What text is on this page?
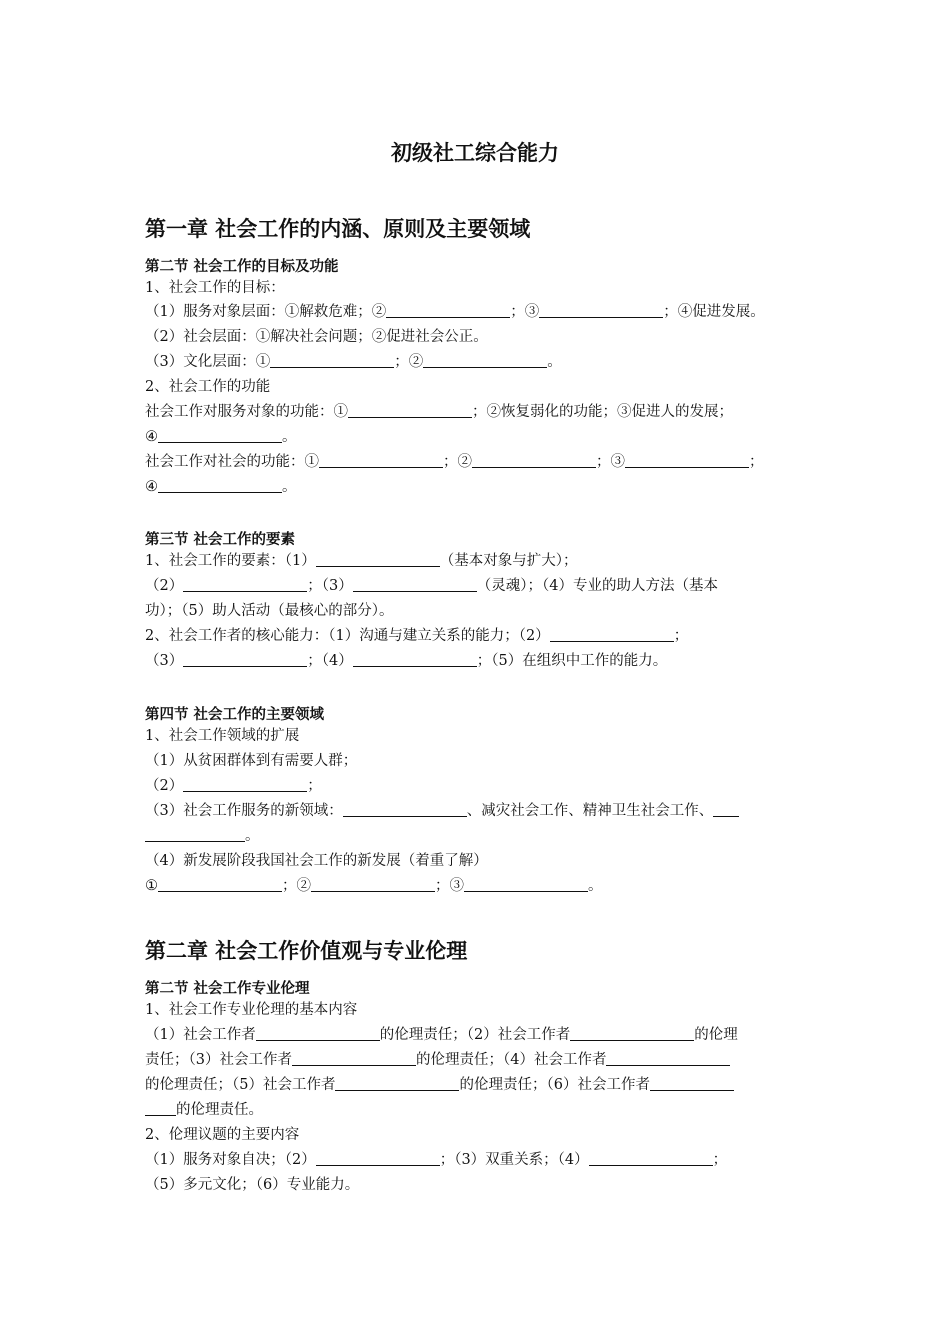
初级社工综合能力
第一章 社会工作的内涵、原则及主要领域
第二节 社会工作的目标及功能
1、社会工作的目标：
（1）服务对象层面：①解救危难；②	；③	；④促进发展。
（2）社会层面：①解决社会问题；②促进社会公正。
（3）文化层面：①	；②	。
2、社会工作的功能
社会工作对服务对象的功能：①	；②恢复弱化的功能；③促进人的发展；
④	。
社会工作对社会的功能：①	；②	；③	；
④	。
第三节 社会工作的要素
1、社会工作的要素：（1）	（基本对象与扩大）；
（2）	；（3）	（灵魂）；（4）专业的助人方法（基本
功）；（5）助人活动（最核心的部分）。
2、社会工作者的核心能力：（1）沟通与建立关系的能力；（2）	；
（3）	；（4）	；（5）在组织中工作的能力。
第四节 社会工作的主要领域
1、社会工作领域的扩展
（1）从贫困群体到有需要人群；
（2）	；
（3）社会工作服务的新领域：	、减灾社会工作、精神卫生社会工作、
。
（4）新发展阶段我国社会工作的新发展（着重了解）
①	；②	；③	。
第二章 社会工作价值观与专业伦理
第二节 社会工作专业伦理
1、社会工作专业伦理的基本内容
（1）社会工作者	的伦理责任；（2）社会工作者	的伦理
责任；（3）社会工作者	的伦理责任；（4）社会工作者
的伦理责任；（5）社会工作者	的伦理责任；（6）社会工作者
的伦理责任。
2、伦理议题的主要内容
（1）服务对象自决；（2）	；（3）双重关系；（4）	；
（5）多元文化；（6）专业能力。
